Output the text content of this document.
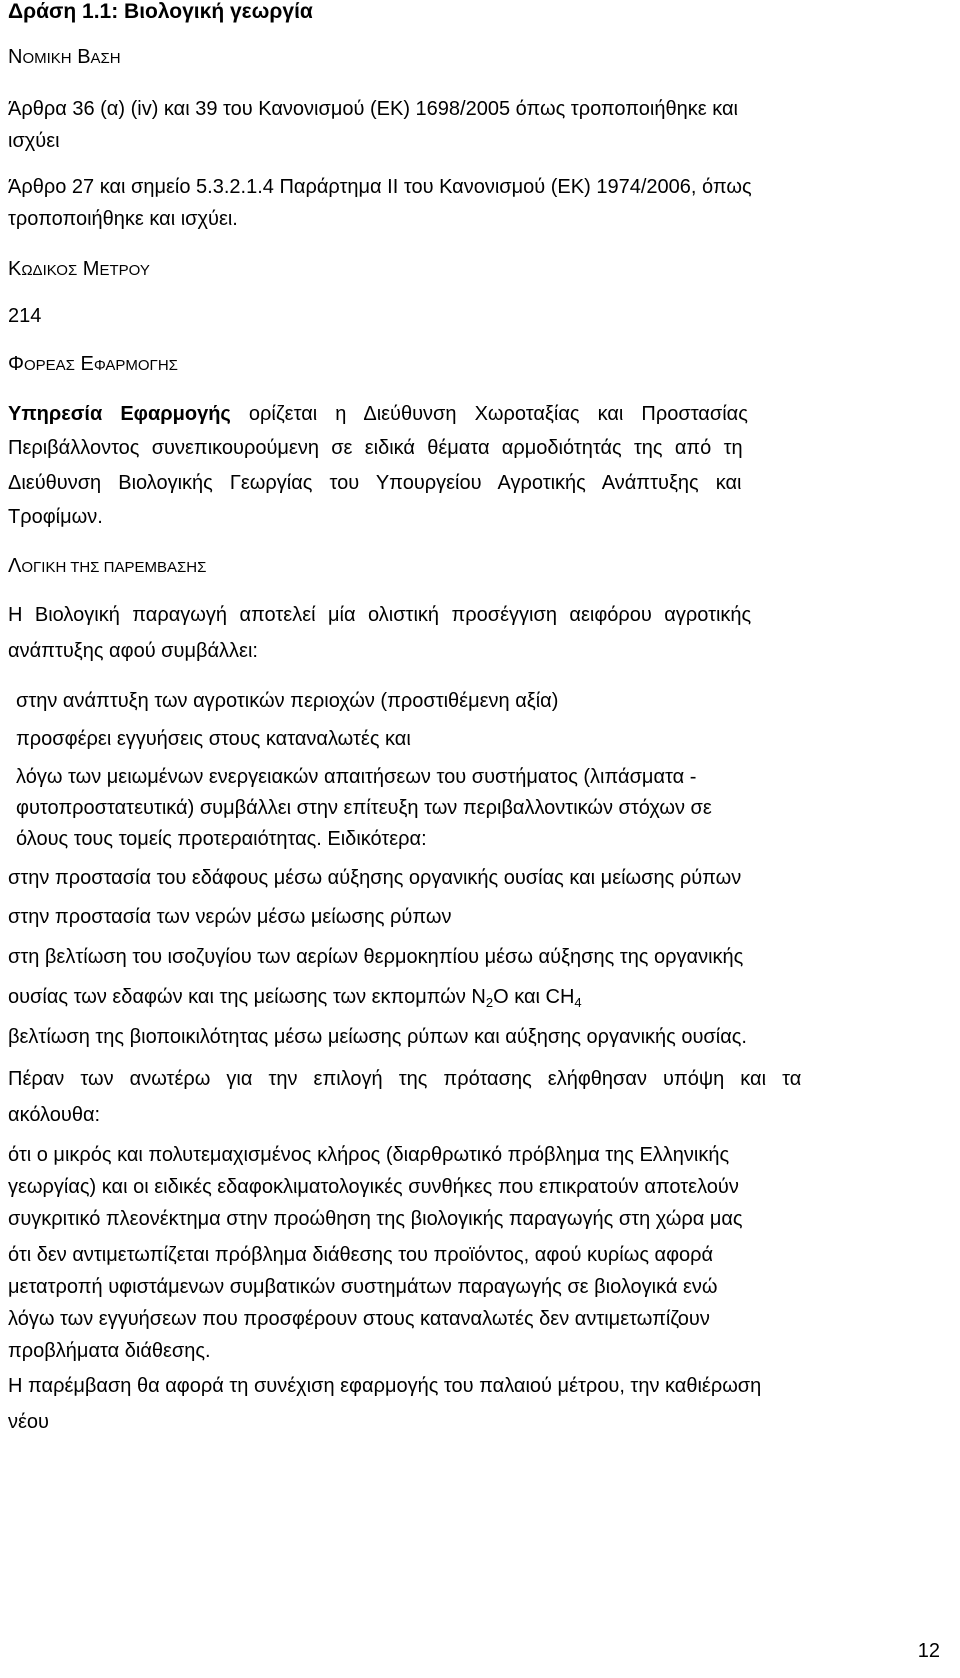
Δράση 1.1: Βιολογική γεωργία
ΝΟΜΙΚΗ ΒΑΣΗ
Άρθρα 36 (α) (iv) και 39 του Κανονισμού (ΕΚ) 1698/2005 όπως τροποποιήθηκε και
ισχύει
Άρθρο 27 και σημείο 5.3.2.1.4 Παράρτημα ΙΙ του Κανονισμού (ΕΚ) 1974/2006, όπως
τροποποιήθηκε και ισχύει.
ΚΩΔΙΚΟΣ ΜΕΤΡΟΥ
214
ΦΟΡΕΑΣ ΕΦΑΡΜΟΓΗΣ
Υπηρεσία Εφαρμογής ορίζεται η Διεύθυνση Χωροταξίας και Προστασίας
Περιβάλλοντος συνεπικουρούμενη σε ειδικά θέματα αρμοδιότητάς της από τη
Διεύθυνση Βιολογικής Γεωργίας του Υπουργείου Αγροτικής Ανάπτυξης και
Τροφίμων.
ΛΟΓΙΚΗ ΤΗΣ ΠΑΡΕΜΒΑΣΗΣ
Η Βιολογική παραγωγή αποτελεί μία ολιστική προσέγγιση αειφόρου αγροτικής
ανάπτυξης αφού συμβάλλει:
στην ανάπτυξη των αγροτικών περιοχών (προστιθέμενη αξία)
προσφέρει εγγυήσεις στους καταναλωτές και
λόγω των μειωμένων ενεργειακών απαιτήσεων του συστήματος (λιπάσματα -
φυτοπροστατευτικά) συμβάλλει στην επίτευξη των περιβαλλοντικών στόχων σε
όλους τους τομείς προτεραιότητας. Ειδικότερα:
στην προστασία του εδάφους μέσω αύξησης οργανικής ουσίας και μείωσης ρύπων
στην προστασία των νερών μέσω μείωσης ρύπων
στη βελτίωση του ισοζυγίου των αερίων θερμοκηπίου μέσω αύξησης της οργανικής
ουσίας των εδαφών και της μείωσης των εκπομπών $N_2O$ και $CH_4$
βελτίωση της βιοποικιλότητας μέσω μείωσης ρύπων και αύξησης οργανικής ουσίας.
Πέραν των ανωτέρω για την επιλογή της πρότασης ελήφθησαν υπόψη και τα
ακόλουθα:
ότι ο μικρός και πολυτεμαχισμένος κλήρος (διαρθρωτικό πρόβλημα της Ελληνικής
γεωργίας) και οι ειδικές εδαφοκλιματολογικές συνθήκες που επικρατούν αποτελούν
συγκριτικό πλεονέκτημα στην προώθηση της βιολογικής παραγωγής στη χώρα μας
ότι δεν αντιμετωπίζεται πρόβλημα διάθεσης του προϊόντος, αφού κυρίως αφορά
μετατροπή υφιστάμενων συμβατικών συστημάτων παραγωγής σε βιολογικά ενώ
λόγω των εγγυήσεων που προσφέρουν στους καταναλωτές δεν αντιμετωπίζουν
προβλήματα διάθεσης.
Η παρέμβαση θα αφορά τη συνέχιση εφαρμογής του παλαιού μέτρου, την καθιέρωση
νέου
12
